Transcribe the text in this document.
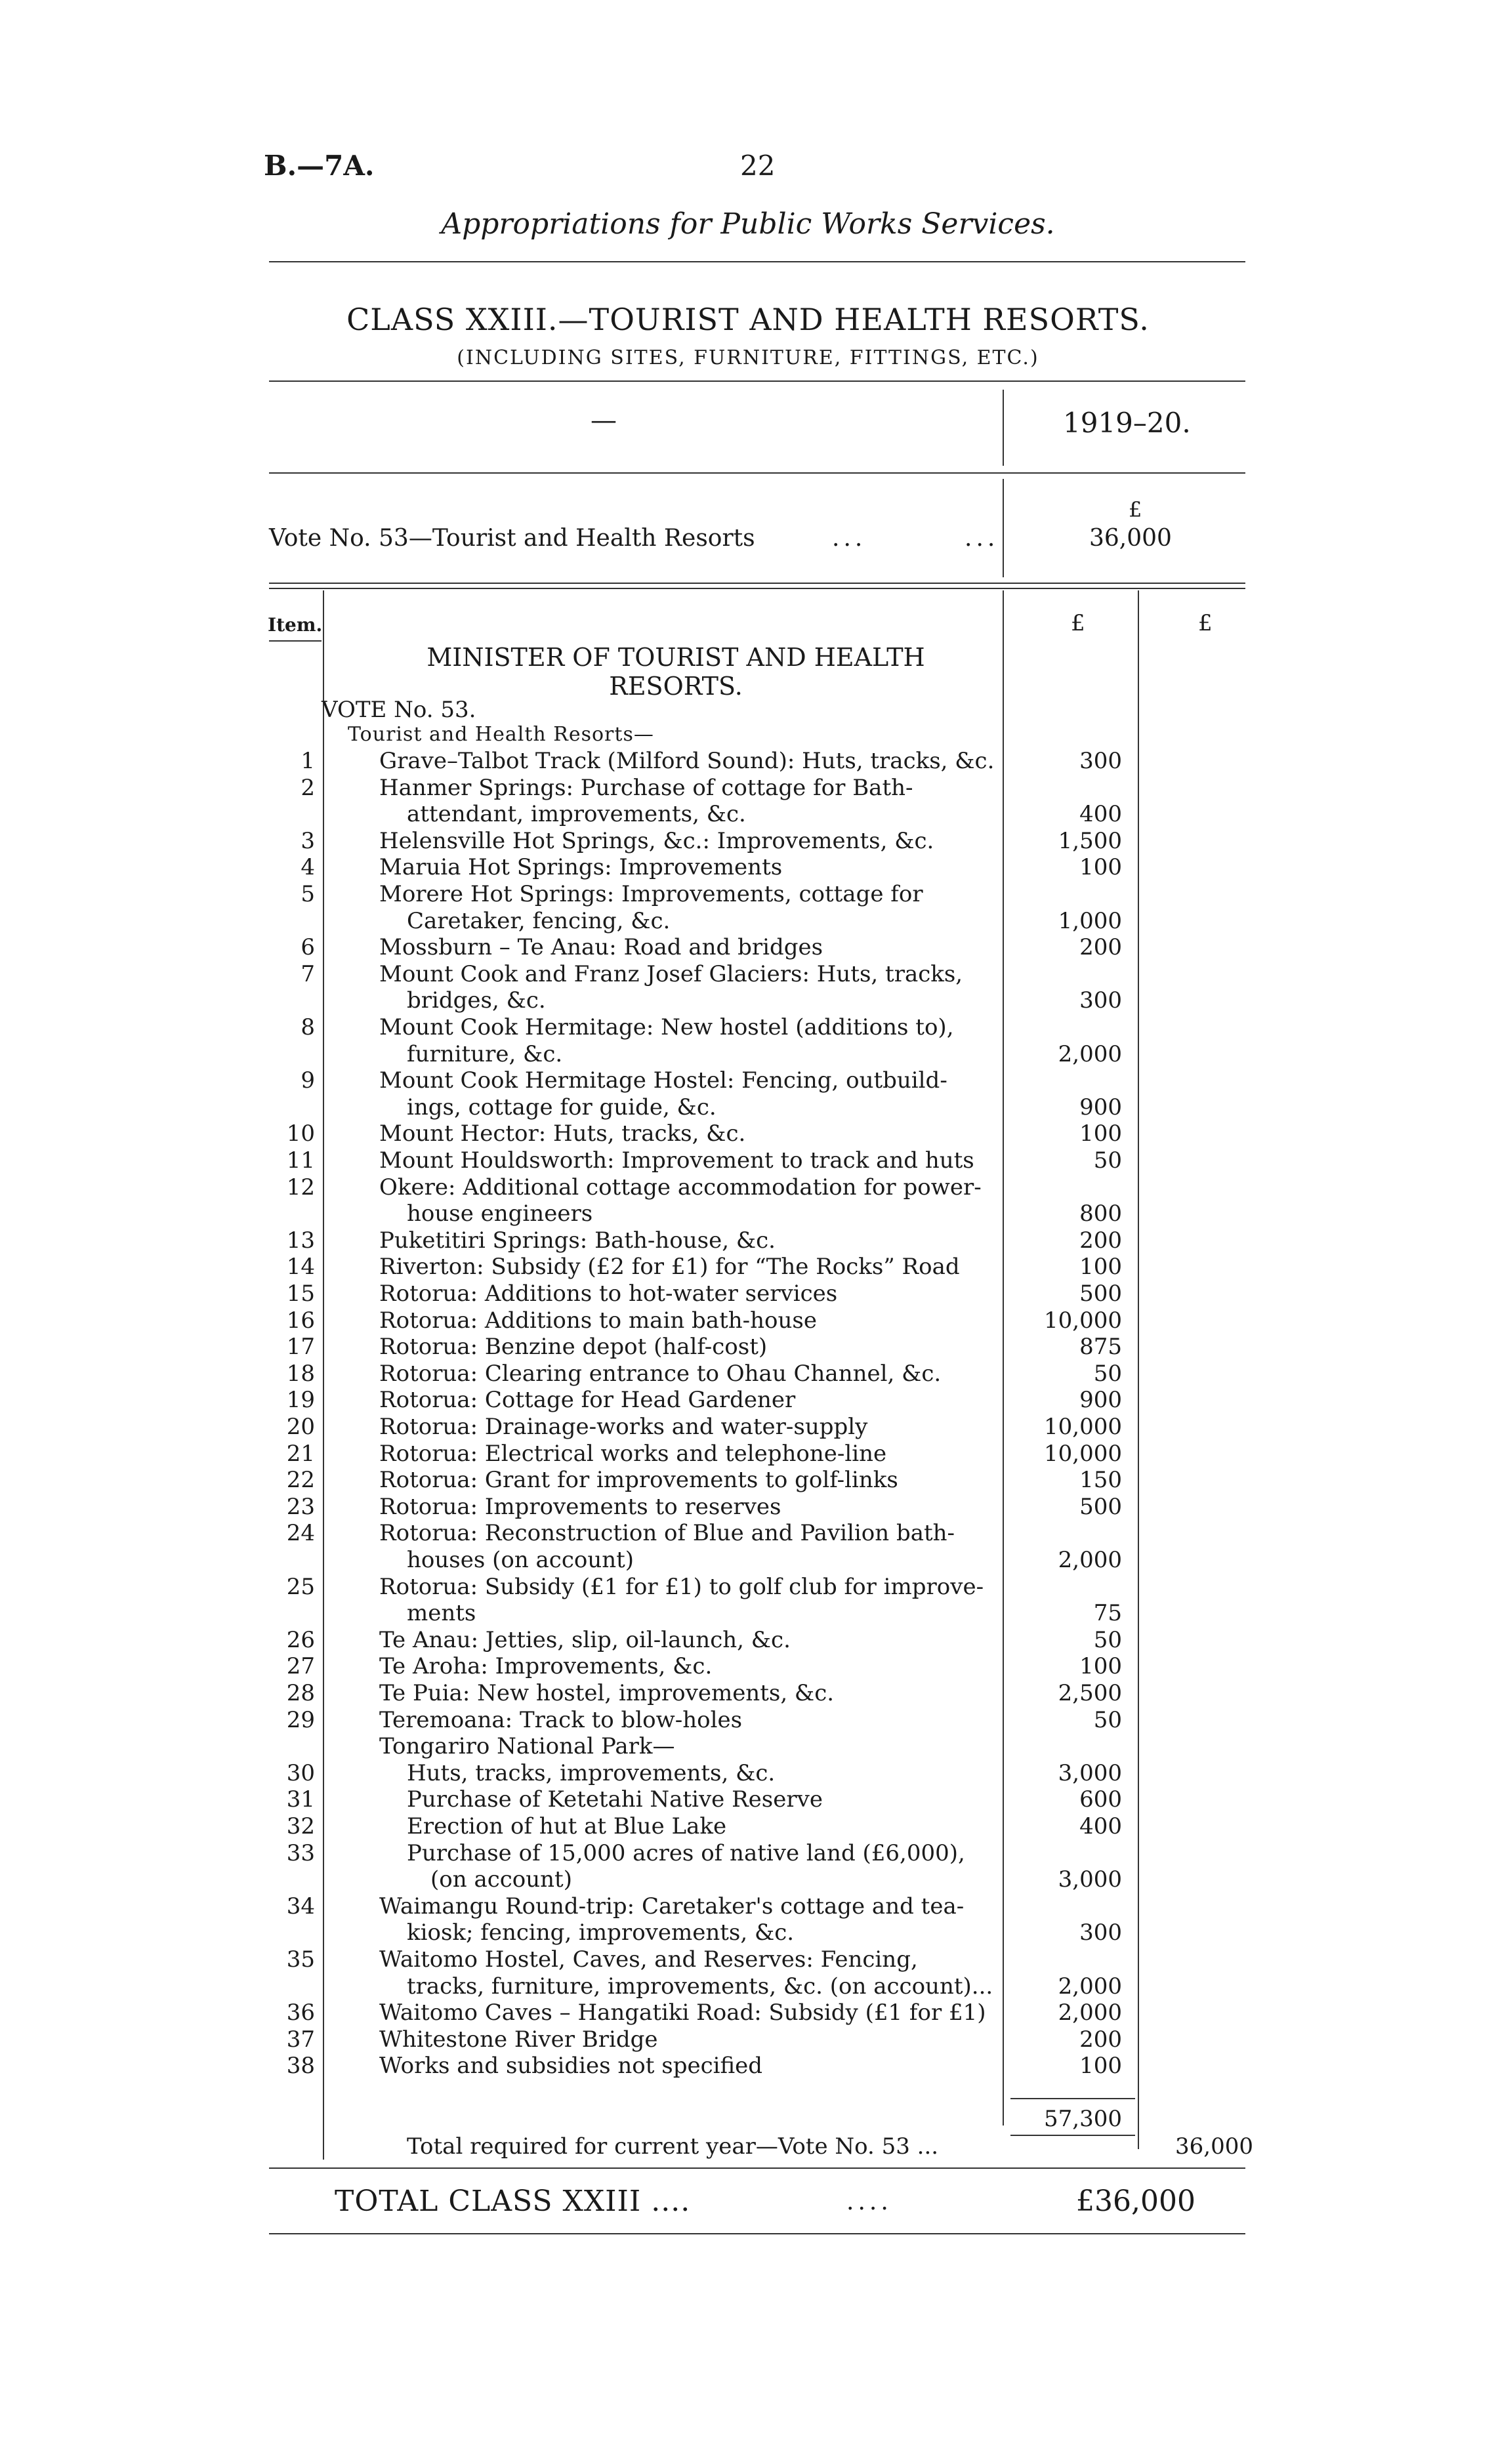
B.—7A.	22
Appropriations for Public Works Services.
CLASS XXIII.—TOURIST AND HEALTH RESORTS.
(INCLUDING SITES, FURNITURE, FITTINGS, ETC.)
—	1919–20.
Vote No. 53—Tourist and Health Resorts	...	...
£
36,000
Item.	£	£
MINISTER OF TOURIST AND HEALTH
RESORTS.
VOTE No. 53.
Tourist and Health Resorts—
1	Grave–Talbot Track (Milford Sound): Huts, tracks, &c.	300
2	Hanmer Springs: Purchase of cottage for Bath-
attendant, improvements, &c.	400
3	Helensville Hot Springs, &c.: Improvements, &c.	1,500
4	Maruia Hot Springs: Improvements	100
5	Morere Hot Springs: Improvements, cottage for
Caretaker, fencing, &c.	1,000
6	Mossburn – Te Anau: Road and bridges	200
7	Mount Cook and Franz Josef Glaciers: Huts, tracks,
bridges, &c.	300
8	Mount Cook Hermitage: New hostel (additions to),
furniture, &c.	2,000
9	Mount Cook Hermitage Hostel: Fencing, outbuild-
ings, cottage for guide, &c.	900
10	Mount Hector: Huts, tracks, &c.	100
11	Mount Houldsworth: Improvement to track and huts	50
12	Okere: Additional cottage accommodation for power-
house engineers	800
13	Puketitiri Springs: Bath-house, &c.	200
14	Riverton: Subsidy (£2 for £1) for “The Rocks” Road	100
15	Rotorua: Additions to hot-water services	500
16	Rotorua: Additions to main bath-house	10,000
17	Rotorua: Benzine depot (half-cost)	875
18	Rotorua: Clearing entrance to Ohau Channel, &c.	50
19	Rotorua: Cottage for Head Gardener	900
20	Rotorua: Drainage-works and water-supply	10,000
21	Rotorua: Electrical works and telephone-line	10,000
22	Rotorua: Grant for improvements to golf-links	150
23	Rotorua: Improvements to reserves	500
24	Rotorua: Reconstruction of Blue and Pavilion bath-
houses (on account)	2,000
25	Rotorua: Subsidy (£1 for £1) to golf club for improve-
ments	75
26	Te Anau: Jetties, slip, oil-launch, &c.	50
27	Te Aroha: Improvements, &c.	100
28	Te Puia: New hostel, improvements, &c.	2,500
29	Teremoana: Track to blow-holes	50
Tongariro National Park—
30	Huts, tracks, improvements, &c.	3,000
31	Purchase of Ketetahi Native Reserve	600
32	Erection of hut at Blue Lake	400
33	Purchase of 15,000 acres of native land (£6,000),
(on account)	3,000
34	Waimangu Round-trip: Caretaker's cottage and tea-
kiosk; fencing, improvements, &c.	300
35	Waitomo Hostel, Caves, and Reserves: Fencing,
tracks, furniture, improvements, &c. (on account)...	2,000
36	Waitomo Caves – Hangatiki Road: Subsidy (£1 for £1)	2,000
37	Whitestone River Bridge	200
38	Works and subsidies not specified	100
57,300
Total required for current year—Vote No. 53 ...	36,000
TOTAL CLASS XXIII ....	....	£36,000
